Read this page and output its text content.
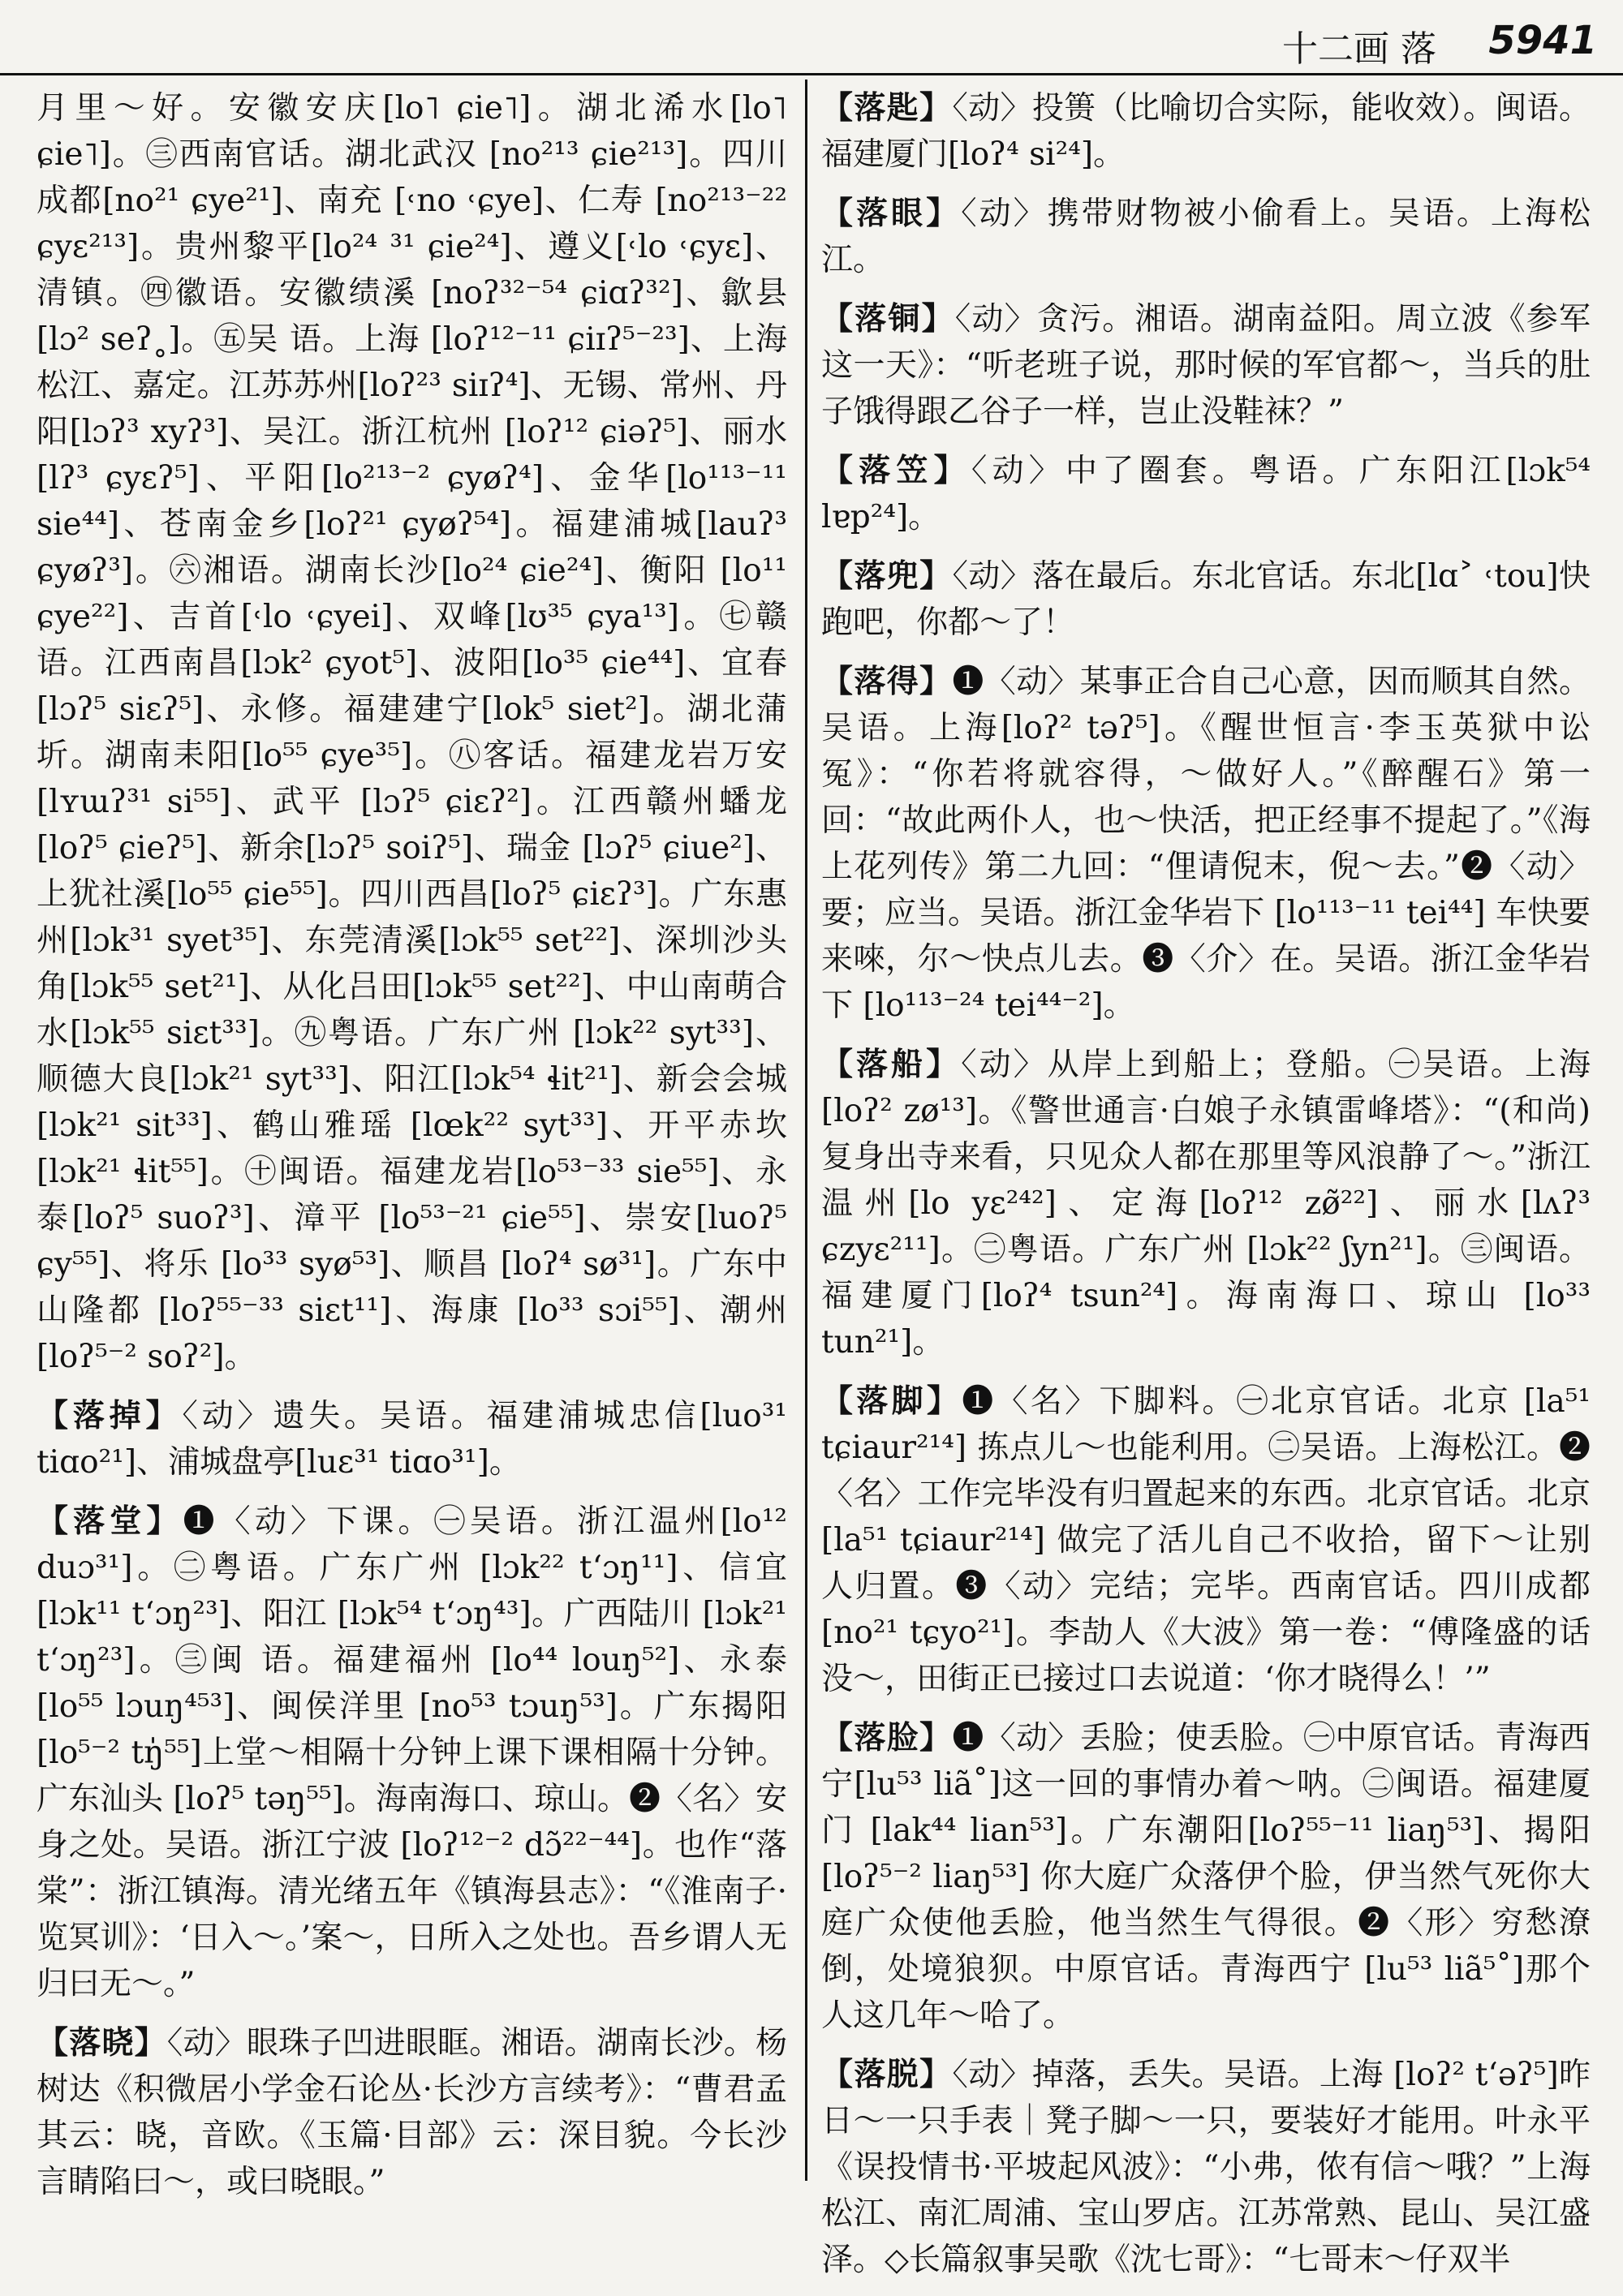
十二画 落 5941
月里～好。安徽安庆[lo˥ ɕie˥]。湖北浠水[lo˥ ɕie˥]。㊂西南官话。湖北武汉 [no²¹³ ɕie²¹³]。四川成都[no²¹ ɕye²¹]、南充 [˓no ˓ɕye]、仁寿 [no²¹³⁻²² ɕyɛ²¹³]。贵州黎平[lo²⁴ ³¹ ɕie²⁴]、遵义[˓lo ˓ɕyɛ]、清镇。㊃徽语。安徽绩溪 [noʔ³²⁻⁵⁴ ɕiɑʔ³²]、歙县[lɔ² seʔ˳]。㊄吴 语。上海 [loʔ¹²⁻¹¹ ɕiɪʔ⁵⁻²³]、上海松江、嘉定。江苏苏州[loʔ²³ siɪʔ⁴]、无锡、常州、丹阳[lɔʔ³ xyʔ³]、吴江。浙江杭州 [loʔ¹² ɕiəʔ⁵]、丽水[lʔ³ ɕyɛʔ⁵]、平阳[lo²¹³⁻² ɕyøʔ⁴]、金华[lo¹¹³⁻¹¹ sie⁴⁴]、苍南金乡[loʔ²¹ ɕyøʔ⁵⁴]。福建浦城[lauʔ³ ɕyøʔ³]。㊅湘语。湖南长沙[lo²⁴ ɕie²⁴]、衡阳 [lo¹¹ ɕye²²]、吉首[˓lo ˓ɕyei]、双峰[lʊ³⁵ ɕya¹³]。㊆赣语。江西南昌[lɔk² ɕyot⁵]、波阳[lo³⁵ ɕie⁴⁴]、宜春[lɔʔ⁵ siɛʔ⁵]、永修。福建建宁[lok⁵ siet²]。湖北蒲圻。湖南耒阳[lo⁵⁵ ɕye³⁵]。㊇客话。福建龙岩万安[lʏɯʔ³¹ si⁵⁵]、武平 [lɔʔ⁵ ɕiɛʔ²]。江西赣州蟠龙[loʔ⁵ ɕieʔ⁵]、新余[lɔʔ⁵ soiʔ⁵]、瑞金 [lɔʔ⁵ ɕiue²]、上犹社溪[lo⁵⁵ ɕie⁵⁵]。四川西昌[loʔ⁵ ɕiɛʔ³]。广东惠州[lɔk³¹ syet³⁵]、东莞清溪[lɔk⁵⁵ set²²]、深圳沙头角[lɔk⁵⁵ set²¹]、从化吕田[lɔk⁵⁵ set²²]、中山南萌合水[lɔk⁵⁵ siɛt³³]。㊈粤语。广东广州 [lɔk²² syt³³]、顺德大良[lɔk²¹ syt³³]、阳江[lɔk⁵⁴ ɬit²¹]、新会会城[lɔk²¹ sit³³]、鹤山雅瑶 [lœk²² syt³³]、开平赤坎 [lɔk²¹ ɬit⁵⁵]。㊉闽语。福建龙岩[lo⁵³⁻³³ sie⁵⁵]、永泰[loʔ⁵ suoʔ³]、漳平 [lo⁵³⁻²¹ ɕie⁵⁵]、崇安[luoʔ⁵ ɕy⁵⁵]、将乐 [lo³³ syø⁵³]、顺昌 [loʔ⁴ sø³¹]。广东中山隆都 [loʔ⁵⁵⁻³³ siɛt¹¹]、海康 [lo³³ sɔi⁵⁵]、潮州[loʔ⁵⁻² soʔ²]。
【落掉】〈动〉遗失。吴语。福建浦城忠信[luo³¹ tiɑo²¹]、浦城盘亭[luɛ³¹ tiɑo³¹]。
【落堂】❶〈动〉下课。㊀吴语。浙江温州[lo¹² duɔ³¹]。㊁粤语。广东广州 [lɔk²² tʻɔŋ¹¹]、信宜 [lɔk¹¹ tʻɔŋ²³]、阳江 [lɔk⁵⁴ tʻɔŋ⁴³]。广西陆川 [lɔk²¹ tʻɔŋ²³]。㊂闽 语。福建福州 [lo⁴⁴ louŋ⁵²]、永泰 [lo⁵⁵ lɔuŋ⁴⁵³]、闽侯洋里 [no⁵³ tɔuŋ⁵³]。广东揭阳 [lo⁵⁻² tŋ̍⁵⁵]上堂～相隔十分钟上课下课相隔十分钟。广东汕头 [loʔ⁵ təŋ⁵⁵]。海南海口、琼山。❷〈名〉安身之处。吴语。浙江宁波 [loʔ¹²⁻² dɔ̃²²⁻⁴⁴]。也作“落棠”：浙江镇海。清光绪五年《镇海县志》：“《淮南子·览冥训》：‘日入～。’案～，日所入之处也。吾乡谓人无归曰无～。”
【落晓】〈动〉眼珠子凹进眼眶。湘语。湖南长沙。杨树达《积微居小学金石论丛·长沙方言续考》：“曹君孟其云：晓，音欧。《玉篇·目部》云：深目貌。今长沙言睛陷曰～，或曰晓眼。”
【落匙】〈动〉投篑（比喻切合实际，能收效）。闽语。福建厦门[loʔ⁴ si²⁴]。
【落眼】〈动〉携带财物被小偷看上。吴语。上海松江。
【落铜】〈动〉贪污。湘语。湖南益阳。周立波《参军这一天》：“听老班子说，那时候的军官都～，当兵的肚子饿得跟乙谷子一样，岂止没鞋袜？”
【落笠】〈动〉中了圈套。粤语。广东阳江[lɔk⁵⁴ lɐp²⁴]。
【落兜】〈动〉落在最后。东北官话。东北[lɑ˃ ˓tou]快跑吧，你都～了！
【落得】❶〈动〉某事正合自己心意，因而顺其自然。吴语。上海[loʔ² təʔ⁵]。《醒世恒言·李玉英狱中讼冤》：“你若将就容得，～做好人。”《醉醒石》第一回：“故此两仆人，也～快活，把正经事不提起了。”《海上花列传》第二九回：“俚请倪末，倪～去。”❷〈动〉要；应当。吴语。浙江金华岩下 [lo¹¹³⁻¹¹ tei⁴⁴] 车快要来唻，尔～快点儿去。❸〈介〉在。吴语。浙江金华岩下 [lo¹¹³⁻²⁴ tei⁴⁴⁻²]。
【落船】〈动〉从岸上到船上；登船。㊀吴语。上海[loʔ² zø¹³]。《警世通言·白娘子永镇雷峰塔》：“(和尚)复身出寺来看，只见众人都在那里等风浪静了～。”浙江温州[lo yɛ²⁴²]、定海[loʔ¹² zø̃²²]、丽水[lʌʔ³ ɕzyɛ²¹¹]。㊁粤语。广东广州 [lɔk²² ʃyn²¹]。㊂闽语。福建厦门[loʔ⁴ tsun²⁴]。海南海口、琼山 [lo³³ tun²¹]。
【落脚】❶〈名〉下脚料。㊀北京官话。北京 [la⁵¹ tɕiaur²¹⁴] 拣点儿～也能利用。㊁吴语。上海松江。❷〈名〉工作完毕没有归置起来的东西。北京官话。北京[la⁵¹ tɕiaur²¹⁴] 做完了活儿自己不收拾，留下～让别人归置。❸〈动〉完结；完毕。西南官话。四川成都 [no²¹ tɕyo²¹]。李劼人《大波》第一卷：“傅隆盛的话没～，田街正已接过口去说道：‘你才晓得么！’”
【落脸】❶〈动〉丢脸；使丢脸。㊀中原官话。青海西宁[lu⁵³ liã˚]这一回的事情办着～呐。㊁闽语。福建厦门 [lak⁴⁴ lian⁵³]。广东潮阳[loʔ⁵⁵⁻¹¹ liaŋ⁵³]、揭阳 [loʔ⁵⁻² liaŋ⁵³] 你大庭广众落伊个脸，伊当然气死你大庭广众使他丢脸，他当然生气得很。❷〈形〉穷愁潦倒，处境狼狈。中原官话。青海西宁 [lu⁵³ liã⁵˚]那个人这几年～哈了。
【落脱】〈动〉掉落，丢失。吴语。上海 [loʔ² tʻəʔ⁵]昨日～一只手表｜凳子脚～一只，要装好才能用。叶永平《误投情书·平坡起风波》：“小弗，侬有信～哦？”上海松江、南汇周浦、宝山罗店。江苏常熟、昆山、吴江盛泽。◇长篇叙事吴歌《沈七哥》：“七哥末～仔双半
